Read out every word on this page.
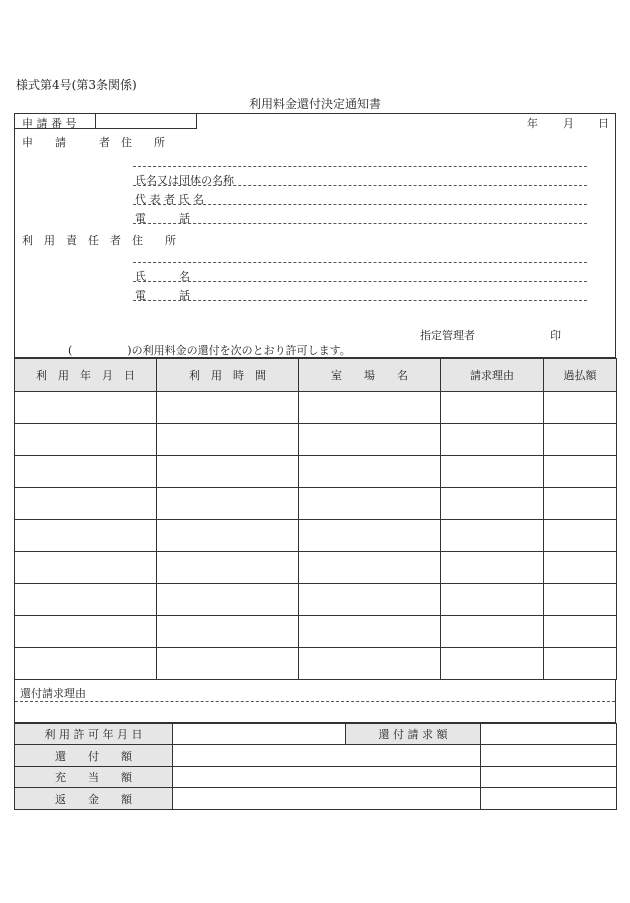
様式第4号(第3条関係)
利用料金還付決定通知書
申 請 番 号	年 月 日
申　　請　　　者　住　　所
氏名又は団体の名称
代 表 者 氏 名
電　　　話
利　用　責　任　者　住　　所
氏　　　名
電　　　話
指定管理者	印
(　　　　　)の利用料金の還付を次のとおり許可します。
利　用　年　月　日	利　用　時　間	室　　場　　名	請求理由	過払額

還付請求理由
利 用 許 可 年 月 日		還 付 請 求 額	
還　　付　　額			
充　　当　　額			
返　　金　　額			
